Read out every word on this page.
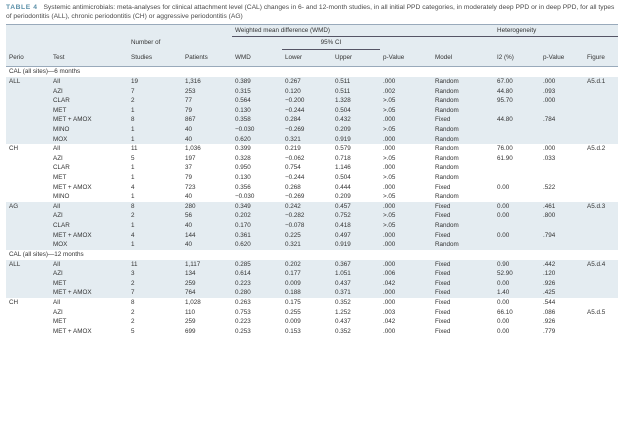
TABLE 4 Systemic antimicrobials: meta-analyses for clinical attachment level (CAL) changes in 6- and 12-month studies, in all initial PPD categories, in moderately deep PPD or in deep PPD, for all types of periodontitis (ALL), chronic periodontitis (CH) or aggressive periodontitis (AG)
				Weighted mean difference (WMD)					Heterogeneity		
		Number of			95% CI						
Perio	Test	Studies	Patients	WMD	Lower	Upper	p-Value	Model	I2 (%)	p-Value	Figure
CAL (all sites)—6 months											
ALL	All	19	1,316	0.389	0.267	0.511	.000	Random	67.00	.000	A5.d.1
	AZI	7	253	0.315	0.120	0.511	.002	Random	44.80	.093	
	CLAR	2	77	0.564	−0.200	1.328	>.05	Random	95.70	.000	
	MET	1	79	0.130	−0.244	0.504	>.05	Random			
	MET + AMOX	8	867	0.358	0.284	0.432	.000	Fixed	44.80	.784	
	MINO	1	40	−0.030	−0.269	0.209	>.05	Random			
	MOX	1	40	0.620	0.321	0.919	.000	Random			
CH	All	11	1,036	0.399	0.219	0.579	.000	Random	76.00	.000	A5.d.2
	AZI	5	197	0.328	−0.062	0.718	>.05	Random	61.90	.033	
	CLAR	1	37	0.950	0.754	1.146	.000	Random			
	MET	1	79	0.130	−0.244	0.504	>.05	Random			
	MET + AMOX	4	723	0.356	0.268	0.444	.000	Fixed	0.00	.522	
	MINO	1	40	−0.030	−0.269	0.209	>.05	Random			
AG	All	8	280	0.349	0.242	0.457	.000	Fixed	0.00	.461	A5.d.3
	AZI	2	56	0.202	−0.282	0.752	>.05	Fixed	0.00	.800	
	CLAR	1	40	0.170	−0.078	0.418	>.05	Random			
	MET + AMOX	4	144	0.361	0.225	0.497	.000	Fixed	0.00	.794	
	MOX	1	40	0.620	0.321	0.919	.000	Random			
CAL (all sites)—12 months											
ALL	All	11	1,117	0.285	0.202	0.367	.000	Fixed	0.90	.442	A5.d.4
	AZI	3	134	0.614	0.177	1.051	.006	Fixed	52.90	.120	
	MET	2	259	0.223	0.009	0.437	.042	Fixed	0.00	.926	
	MET + AMOX	7	764	0.280	0.188	0.371	.000	Fixed	1.40	.425	
CH	All	8	1,028	0.263	0.175	0.352	.000	Fixed	0.00	.544	
	AZI	2	110	0.753	0.255	1.252	.003	Fixed	66.10	.086	A5.d.5
	MET	2	259	0.223	0.009	0.437	.042	Fixed	0.00	.926	
	MET + AMOX	5	699	0.253	0.153	0.352	.000	Fixed	0.00	.779	
